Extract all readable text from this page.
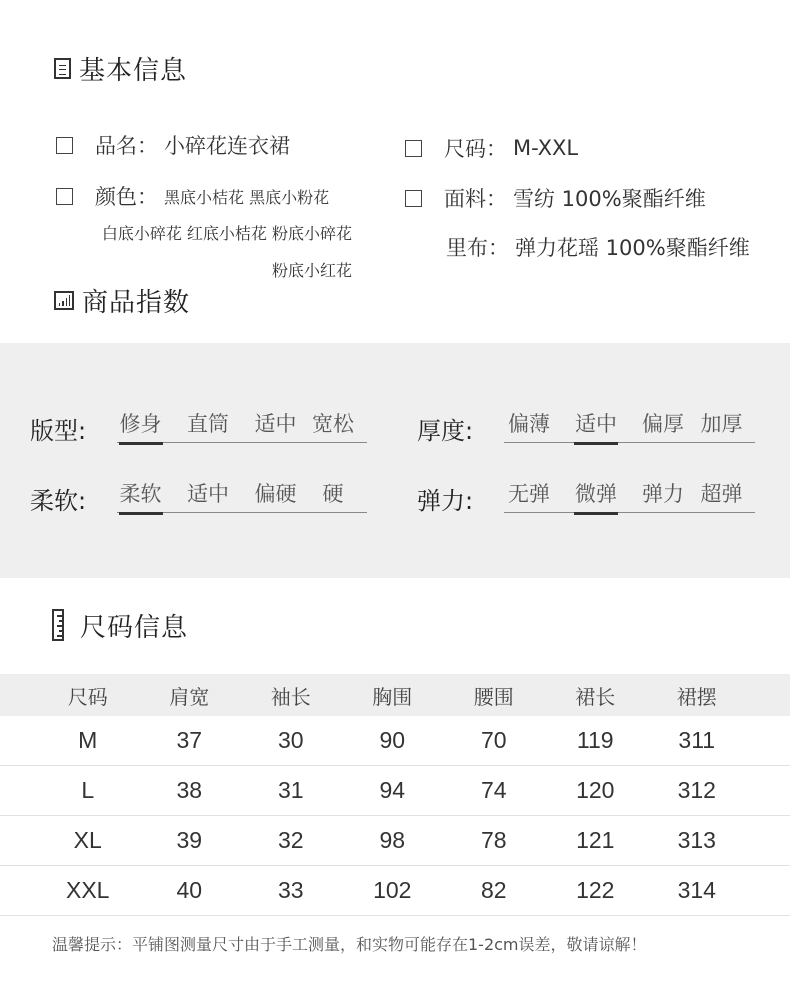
基本信息
品名： 小碎花连衣裙	尺码： M-XXL
颜色： 黑底小桔花 黑底小粉花
白底小碎花 红底小桔花 粉底小碎花
粉底小红花
面料： 雪纺 100%聚酯纤维
里布： 弹力花瑶 100%聚酯纤维
商品指数
版型: 修身	直筒	适中 宽松	厚度: 偏薄	适中	偏厚 加厚
柔软: 柔软	适中	偏硬	硬	弹力: 无弹	微弹	弹力 超弹
尺码信息
尺码	肩宽	袖长	胸围	腰围	裙长	裙摆
M	37	30	90	70	119	311
L	38	31	94	74	120	312
XL	39	32	98	78	121	313
XXL	40	33	102	82	122	314
温馨提示：平铺图测量尺寸由于手工测量，和实物可能存在1-2cm误差，敬请谅解！
